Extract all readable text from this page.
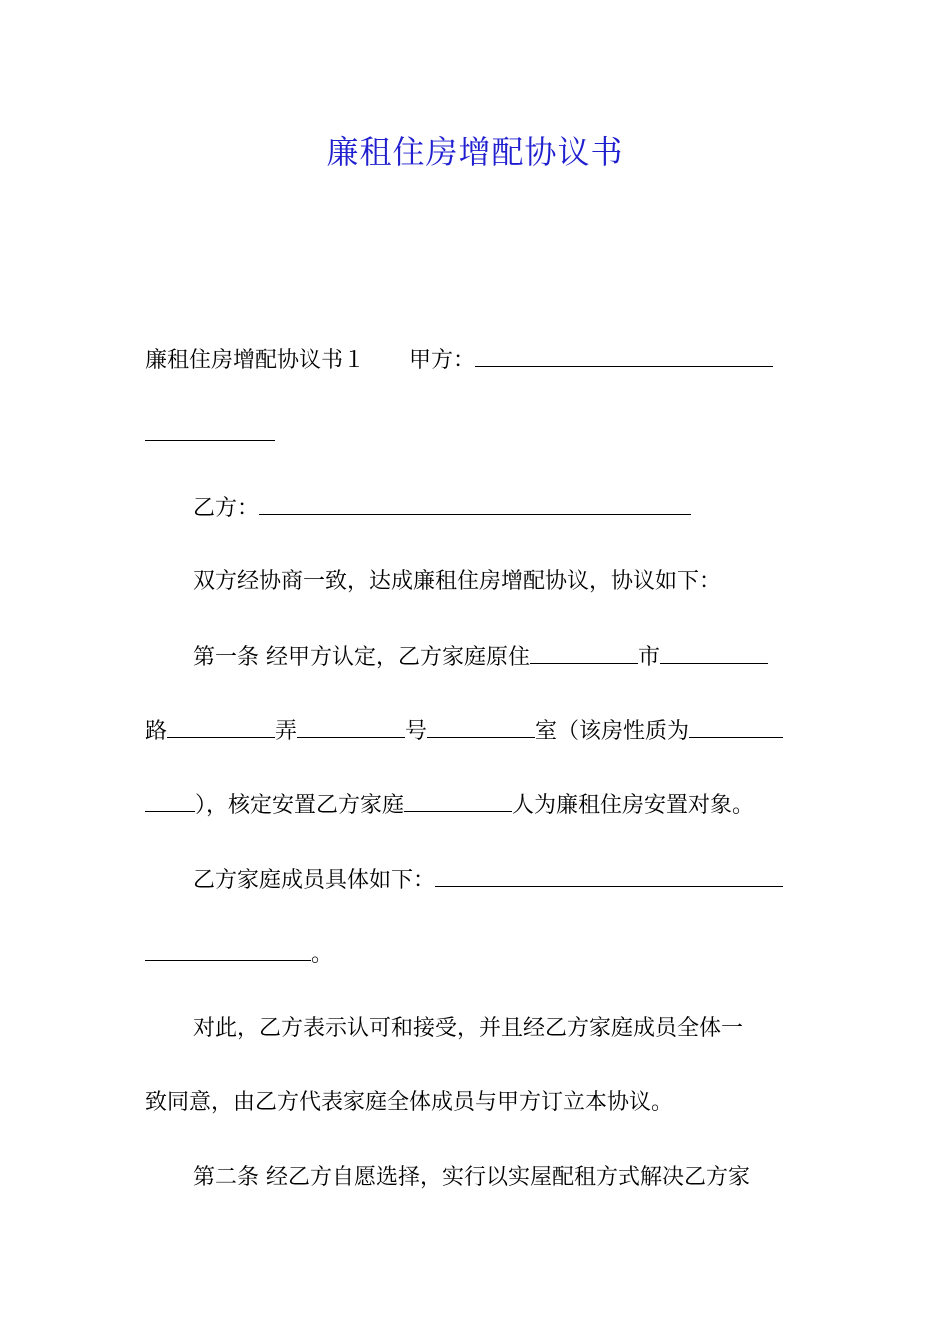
廉租住房增配协议书
廉租住房增配协议书１ 甲方：
乙方：
双方经协商一致，达成廉租住房增配协议，协议如下：
第一条 经甲方认定，乙方家庭原住	市
路	弄	号	室（该房性质为
），核定安置乙方家庭	人为廉租住房安置对象。
乙方家庭成员具体如下：
。
对此，乙方表示认可和接受，并且经乙方家庭成员全体一
致同意，由乙方代表家庭全体成员与甲方订立本协议。
第二条 经乙方自愿选择，实行以实屋配租方式解决乙方家
